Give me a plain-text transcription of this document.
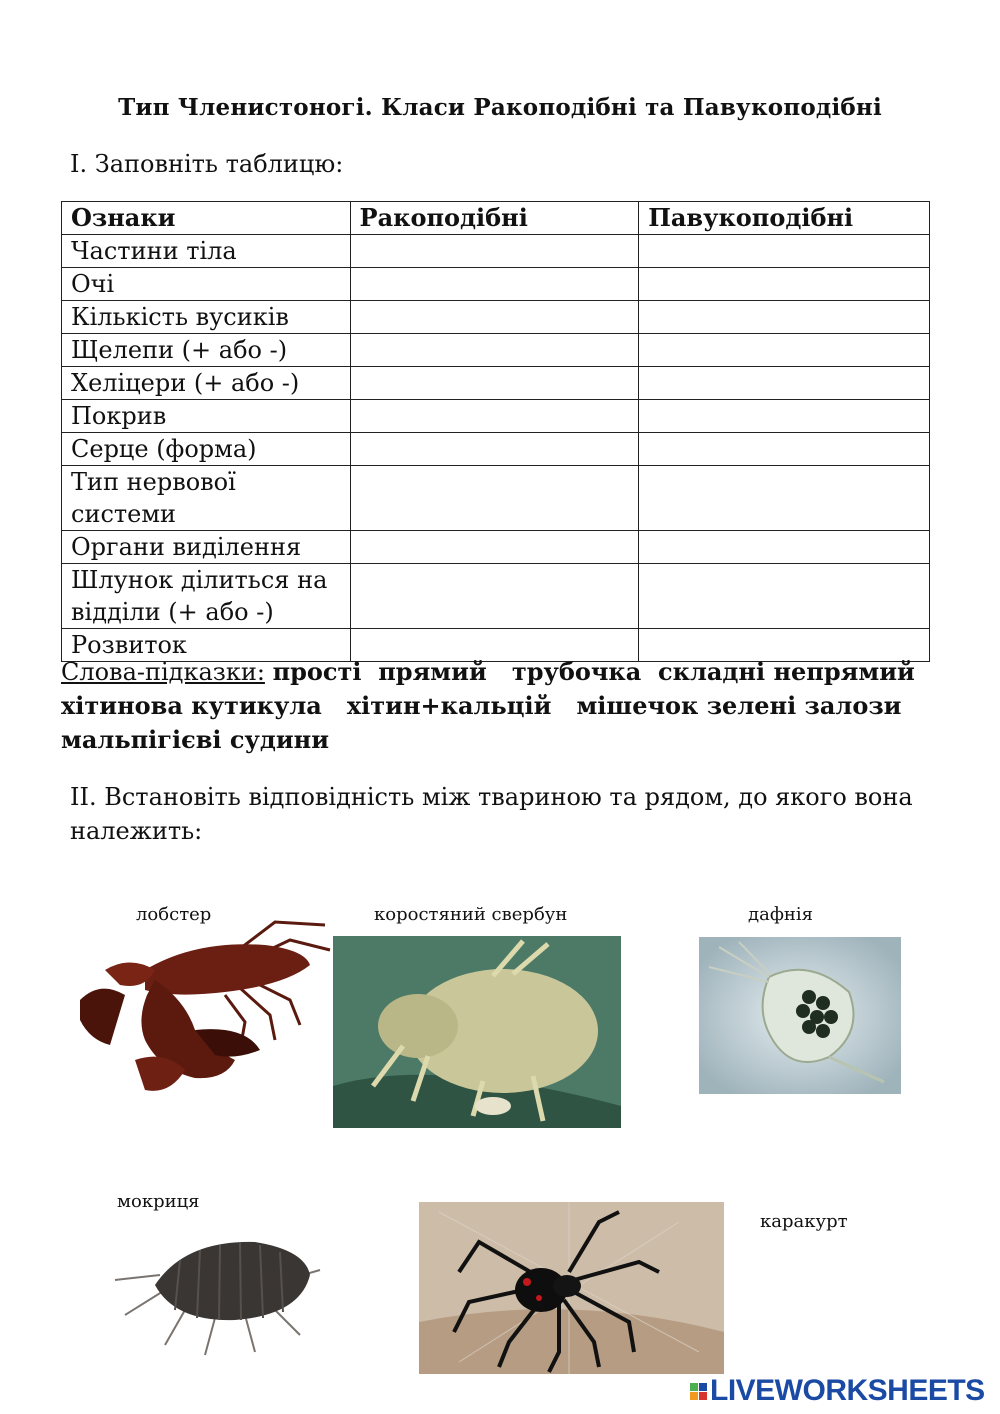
Тип Членистоногі. Класи Ракоподібні та Павукоподібні
І. Заповніть таблицю:
Ознаки	Ракоподібні	Павукоподібні
Частини тіла		
Очі		
Кількість вусиків		
Щелепи (+ або -)		
Хеліцери (+ або -)		
Покрив		
Серце (форма)		
Тип нервової системи		
Органи виділення		
Шлунок ділиться на відділи (+ або -)		
Розвиток		
Слова-підказки: прості  прямий   трубочка  складні непрямий   хітинова кутикула   хітин+кальцій   мішечок зелені залози     мальпігієві судини
ІІ. Встановіть відповідність між твариною та рядом, до якого вона належить:
лобстер	коростяний свербун	дафнія
мокриця
каракурт
LIVEWORKSHEETS
